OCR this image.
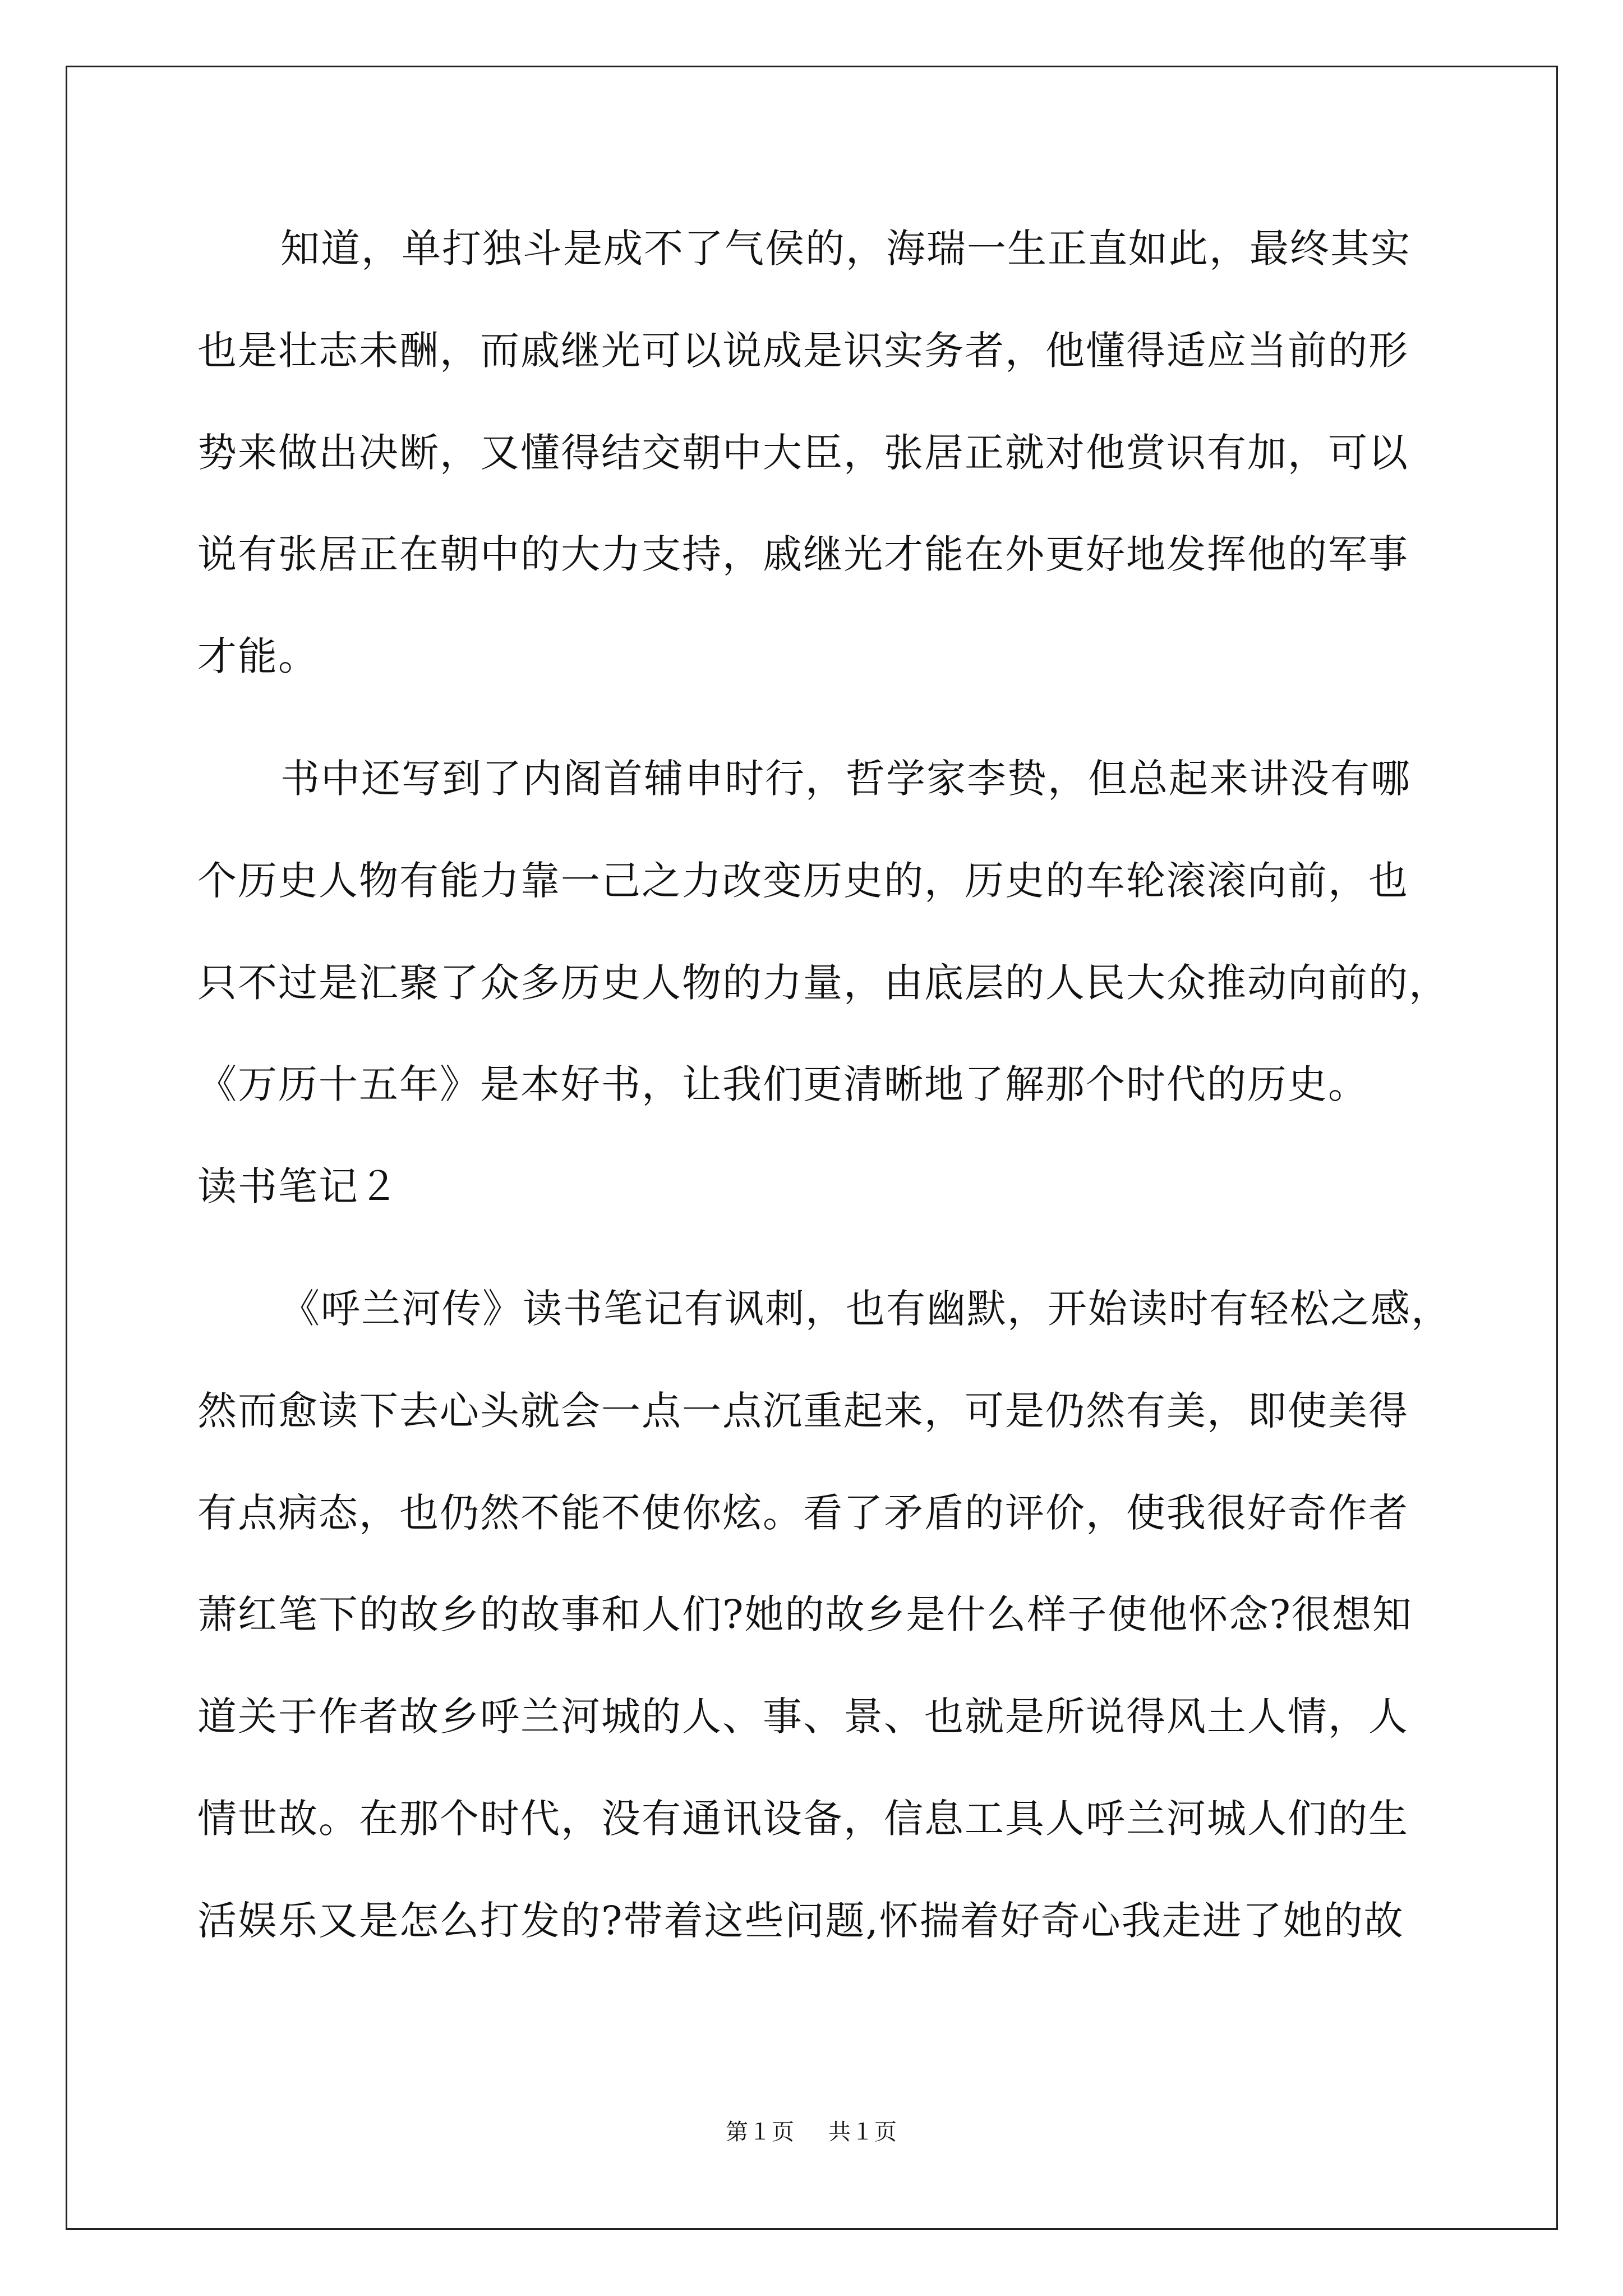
知道，单打独斗是成不了气侯的，海瑞一生正直如此，最终其实
也是壮志未酬，而戚继光可以说成是识实务者，他懂得适应当前的形
势来做出决断，又懂得结交朝中大臣，张居正就对他赏识有加，可以
说有张居正在朝中的大力支持，戚继光才能在外更好地发挥他的军事
才能。
书中还写到了内阁首辅申时行，哲学家李贽，但总起来讲没有哪
个历史人物有能力靠一己之力改变历史的，历史的车轮滚滚向前，也
只不过是汇聚了众多历史人物的力量，由底层的人民大众推动向前的，
《万历十五年》是本好书，让我们更清晰地了解那个时代的历史。
读书笔记２
《呼兰河传》读书笔记有讽刺，也有幽默，开始读时有轻松之感，
然而愈读下去心头就会一点一点沉重起来，可是仍然有美，即使美得
有点病态，也仍然不能不使你炫。看了矛盾的评价，使我很好奇作者
萧红笔下的故乡的故事和人们?她的故乡是什么样子使他怀念?很想知
道关于作者故乡呼兰河城的人、事、景、也就是所说得风土人情，人
情世故。在那个时代，没有通讯设备，信息工具人呼兰河城人们的生
活娱乐又是怎么打发的?带着这些问题,怀揣着好奇心我走进了她的故
第１页 共１页
